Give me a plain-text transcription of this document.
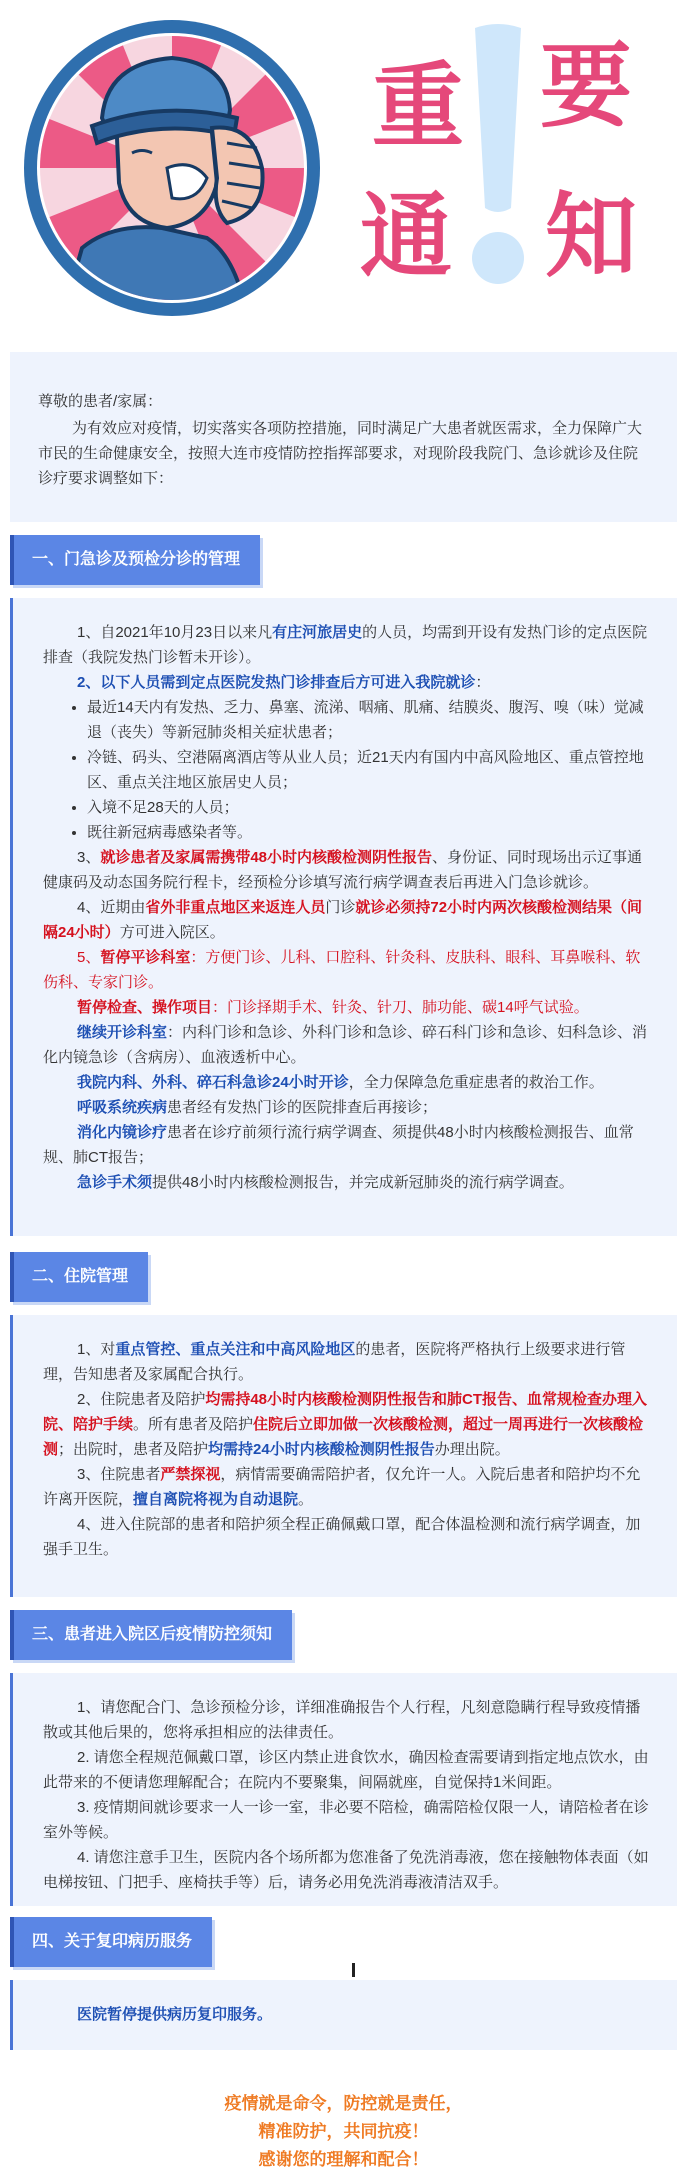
重 要
通 知

尊敬的患者/家属：

为有效应对疫情，切实落实各项防控措施，同时满足广大患者就医需求，全力保障广大市民的生命健康安全，按照大连市疫情防控指挥部要求，对现阶段我院门、急诊就诊及住院诊疗要求调整如下：

一、门急诊及预检分诊的管理

1、自2021年10月23日以来凡有庄河旅居史的人员，均需到开设有发热门诊的定点医院排查（我院发热门诊暂未开诊）。

2、以下人员需到定点医院发热门诊排查后方可进入我院就诊：

• 最近14天内有发热、乏力、鼻塞、流涕、咽痛、肌痛、结膜炎、腹泻、嗅（味）觉减退（丧失）等新冠肺炎相关症状患者；
• 冷链、码头、空港隔离酒店等从业人员；近21天内有国内中高风险地区、重点管控地区、重点关注地区旅居史人员；
• 入境不足28天的人员；
• 既往新冠病毒感染者等。

3、就诊患者及家属需携带48小时内核酸检测阴性报告、身份证、同时现场出示辽事通健康码及动态国务院行程卡，经预检分诊填写流行病学调查表后再进入门急诊就诊。

4、近期由省外非重点地区来返连人员门诊就诊必须持72小时内两次核酸检测结果（间隔24小时）方可进入院区。

5、暂停平诊科室：方便门诊、儿科、口腔科、针灸科、皮肤科、眼科、耳鼻喉科、软伤科、专家门诊。

暂停检查、操作项目：门诊择期手术、针灸、针刀、肺功能、碳14呼气试验。

继续开诊科室：内科门诊和急诊、外科门诊和急诊、碎石科门诊和急诊、妇科急诊、消化内镜急诊（含病房）、血液透析中心。

我院内科、外科、碎石科急诊24小时开诊，全力保障急危重症患者的救治工作。

呼吸系统疾病患者经有发热门诊的医院排查后再接诊；

消化内镜诊疗患者在诊疗前须行流行病学调查、须提供48小时内核酸检测报告、血常规、肺CT报告；

急诊手术须提供48小时内核酸检测报告，并完成新冠肺炎的流行病学调查。

二、住院管理

1、对重点管控、重点关注和中高风险地区的患者，医院将严格执行上级要求进行管理，告知患者及家属配合执行。

2、住院患者及陪护均需持48小时内核酸检测阴性报告和肺CT报告、血常规检查办理入院、陪护手续。所有患者及陪护住院后立即加做一次核酸检测，超过一周再进行一次核酸检测；出院时，患者及陪护均需持24小时内核酸检测阴性报告办理出院。

3、住院患者严禁探视，病情需要确需陪护者，仅允许一人。入院后患者和陪护均不允许离开医院，擅自离院将视为自动退院。

4、进入住院部的患者和陪护须全程正确佩戴口罩，配合体温检测和流行病学调查，加强手卫生。

三、患者进入院区后疫情防控须知

1、请您配合门、急诊预检分诊，详细准确报告个人行程，凡刻意隐瞒行程导致疫情播散或其他后果的，您将承担相应的法律责任。

2. 请您全程规范佩戴口罩，诊区内禁止进食饮水，确因检查需要请到指定地点饮水，由此带来的不便请您理解配合；在院内不要聚集，间隔就座，自觉保持1米间距。

3. 疫情期间就诊要求一人一诊一室，非必要不陪检，确需陪检仅限一人，请陪检者在诊室外等候。

4. 请您注意手卫生，医院内各个场所都为您准备了免洗消毒液，您在接触物体表面（如电梯按钮、门把手、座椅扶手等）后，请务必用免洗消毒液清洁双手。

四、关于复印病历服务

医院暂停提供病历复印服务。

疫情就是命令，防控就是责任，
精准防护，共同抗疫！
感谢您的理解和配合！
